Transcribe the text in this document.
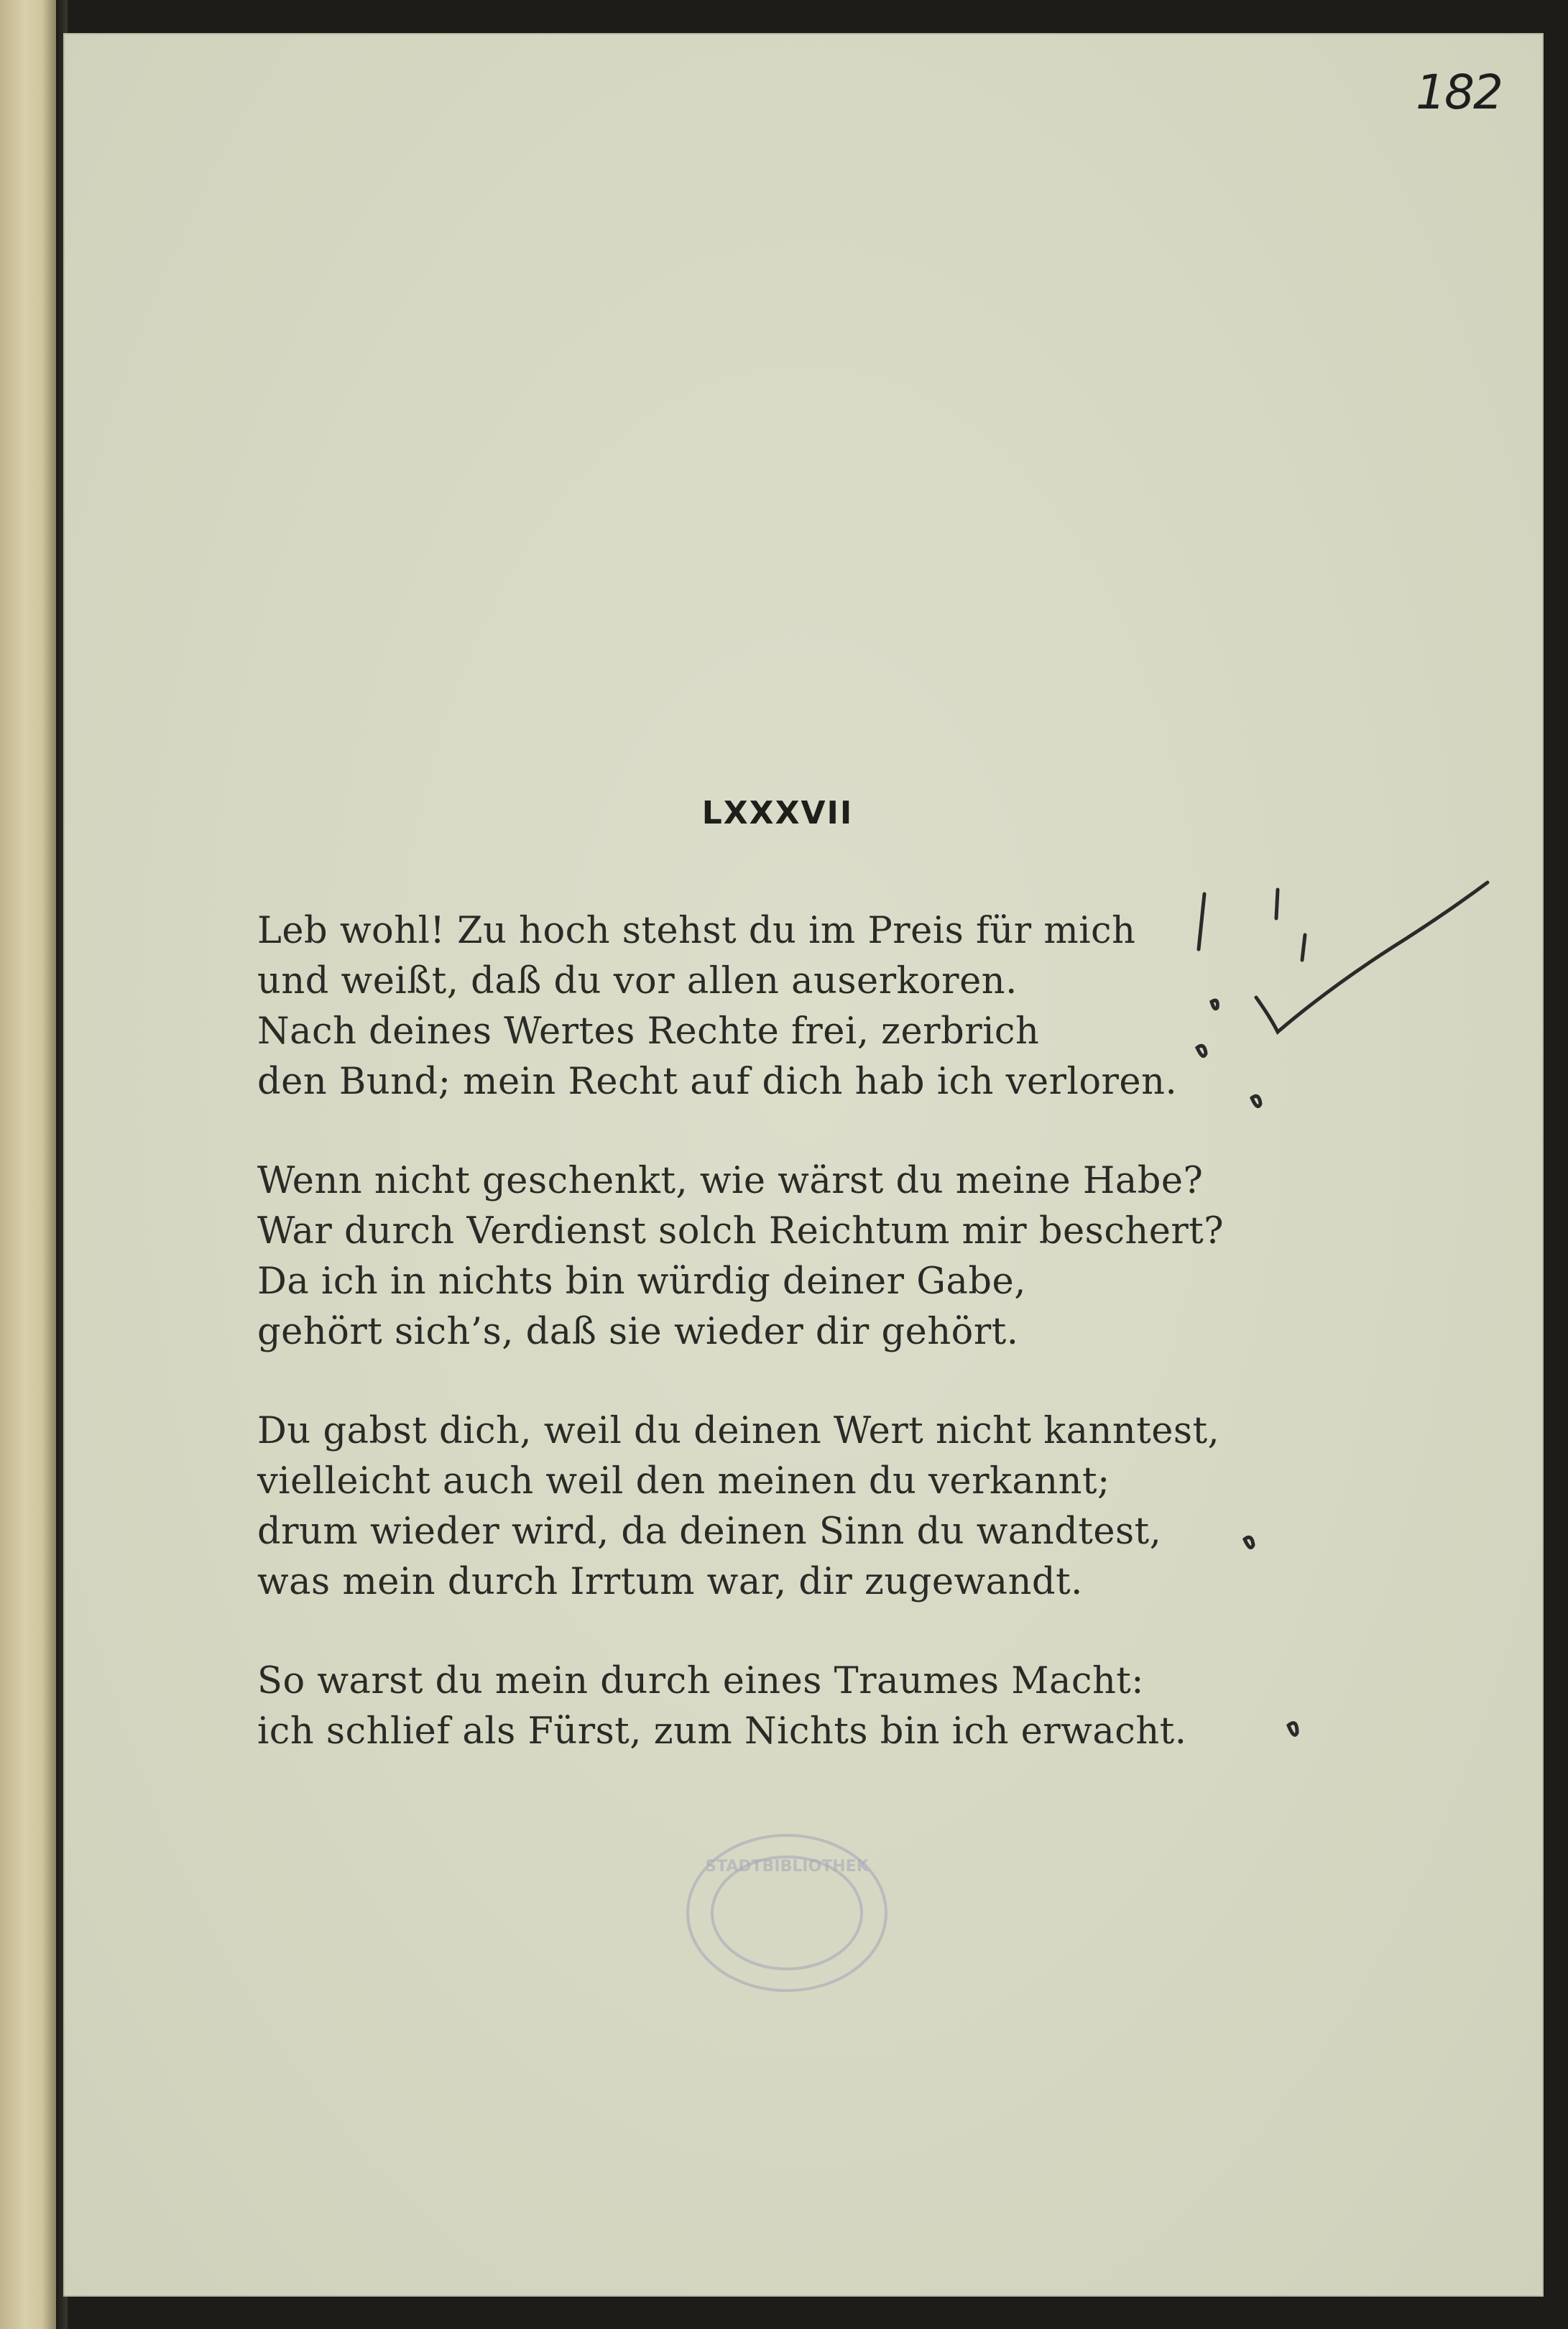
182
LXXXVII
Leb wohl! Zu hoch stehst du im Preis für mich
und weißt, daß du vor allen auserkoren.
Nach deines Wertes Rechte frei, zerbrich
den Bund; mein Recht auf dich hab ich verloren.
Wenn nicht geschenkt, wie wärst du meine Habe?
War durch Verdienst solch Reichtum mir beschert?
Da ich in nichts bin würdig deiner Gabe,
gehört sich’s, daß sie wieder dir gehört.
Du gabst dich, weil du deinen Wert nicht kanntest,
vielleicht auch weil den meinen du verkannt;
drum wieder wird, da deinen Sinn du wandtest,
was mein durch Irrtum war, dir zugewandt.
So warst du mein durch eines Traumes Macht:
ich schlief als Fürst, zum Nichts bin ich erwacht.
STADTBIBLIOTHEK
